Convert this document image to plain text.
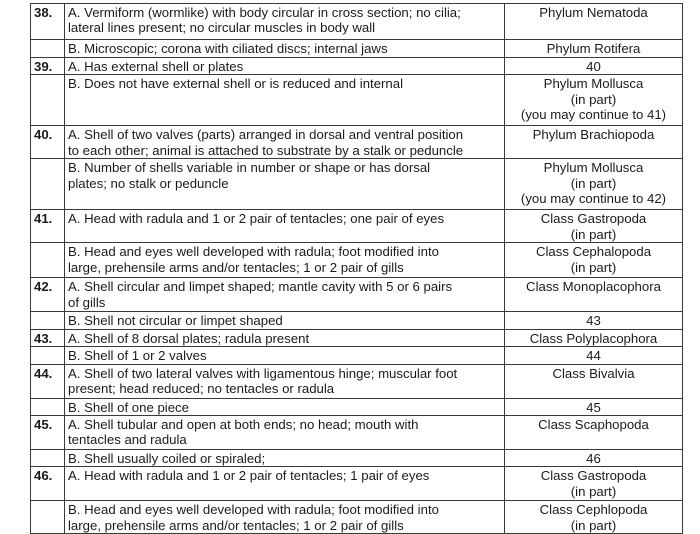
38.	A. Vermiform (wormlike) with body circular in cross section; no cilia;
lateral lines present; no circular muscles in body wall	Phylum Nematoda

	B. Microscopic; corona with ciliated discs; internal jaws	Phylum Rotifera

39.	A. Has external shell or plates	40

	B. Does not have external shell or is reduced and internal	Phylum Mollusca
(in part)
(you may continue to 41)

40.	A. Shell of two valves (parts) arranged in dorsal and ventral position
to each other; animal is attached to substrate by a stalk or peduncle	Phylum Brachiopoda

	B. Number of shells variable in number or shape or has dorsal
plates; no stalk or peduncle	Phylum Mollusca
(in part)
(you may continue to 42)

41.	A. Head with radula and 1 or 2 pair of tentacles; one pair of eyes	Class Gastropoda
(in part)

	B. Head and eyes well developed with radula; foot modified into
large, prehensile arms and/or tentacles; 1 or 2 pair of gills	Class Cephalopoda
(in part)

42.	A. Shell circular and limpet shaped; mantle cavity with 5 or 6 pairs
of gills	Class Monoplacophora

	B. Shell not circular or limpet shaped	43

43.	A. Shell of 8 dorsal plates; radula present	Class Polyplacophora

	B. Shell of 1 or 2 valves	44

44.	A. Shell of two lateral valves with ligamentous hinge; muscular foot
present; head reduced; no tentacles or radula	Class Bivalvia

	B. Shell of one piece	45

45.	A. Shell tubular and open at both ends; no head; mouth with
tentacles and radula	Class Scaphopoda

	B. Shell usually coiled or spiraled;	46

46.	A. Head with radula and 1 or 2 pair of tentacles; 1 pair of eyes	Class Gastropoda
(in part)

	B. Head and eyes well developed with radula; foot modified into
large, prehensile arms and/or tentacles; 1 or 2 pair of gills	Class Cephlopoda
(in part)
